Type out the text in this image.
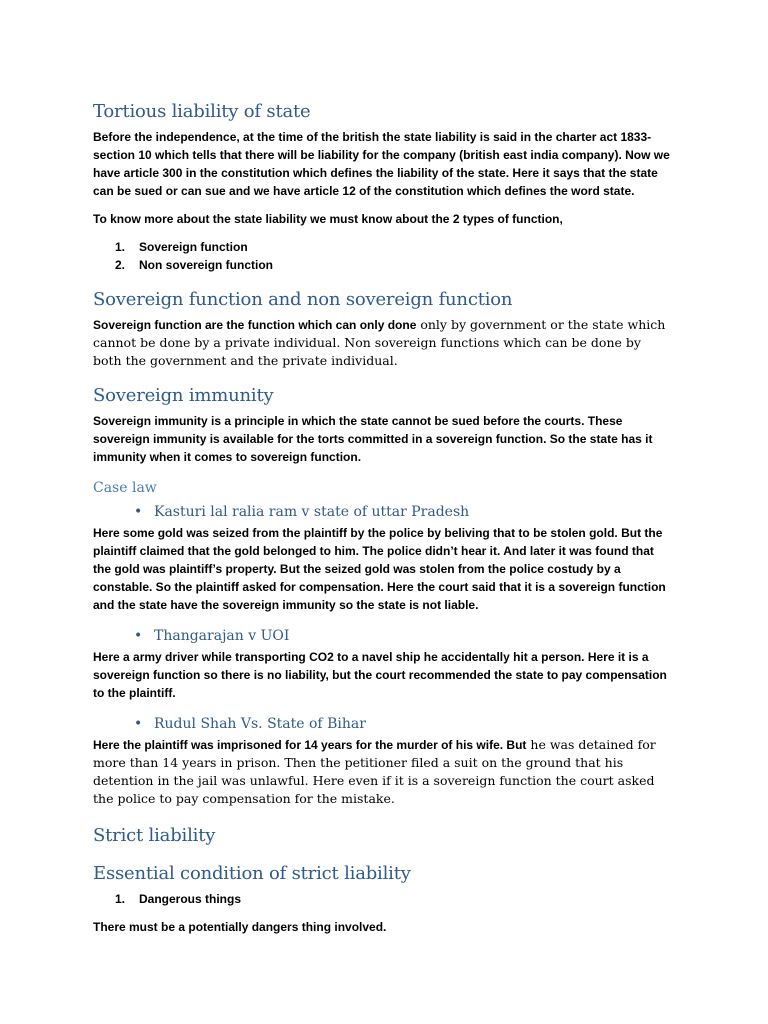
Tortious liability of state

Before the independence, at the time of the british the state liability is said in the charter act 1833-section 10 which tells that there will be liability for the company (british east india company). Now we have article 300 in the constitution which defines the liability of the state. Here it says that the state can be sued or can sue and we have article 12 of the constitution which defines the word state.

To know more about the state liability we must know about the 2 types of function,

1. Sovereign function
2. Non sovereign function
Sovereign function and non sovereign function

Sovereign function are the function which can only done only by government or the state which cannot be done by a private individual. Non sovereign functions which can be done by both the government and the private individual.

Sovereign immunity

Sovereign immunity is a principle in which the state cannot be sued before the courts. These sovereign immunity is available for the torts committed in a sovereign function. So the state has it immunity when it comes to sovereign function.

Case law
• Kasturi lal ralia ram v state of uttar Pradesh

Here some gold was seized from the plaintiff by the police by beliving that to be stolen gold. But the plaintiff claimed that the gold belonged to him. The police didn’t hear it. And later it was found that the gold was plaintiff’s property. But the seized gold was stolen from the police costudy by a constable. So the plaintiff asked for compensation. Here the court said that it is a sovereign function and the state have the sovereign immunity so the state is not liable.

• Thangarajan v UOI

Here a army driver while transporting CO2 to a navel ship he accidentally hit a person. Here it is a sovereign function so there is no liability, but the court recommended the state to pay compensation to the plaintiff.

• Rudul Shah Vs. State of Bihar

Here the plaintiff was imprisoned for 14 years for the murder of his wife. But he was detained for more than 14 years in prison. Then the petitioner filed a suit on the ground that his detention in the jail was unlawful. Here even if it is a sovereign function the court asked the police to pay compensation for the mistake.

Strict liability
Essential condition of strict liability
1. Dangerous things

There must be a potentially dangers thing involved.
